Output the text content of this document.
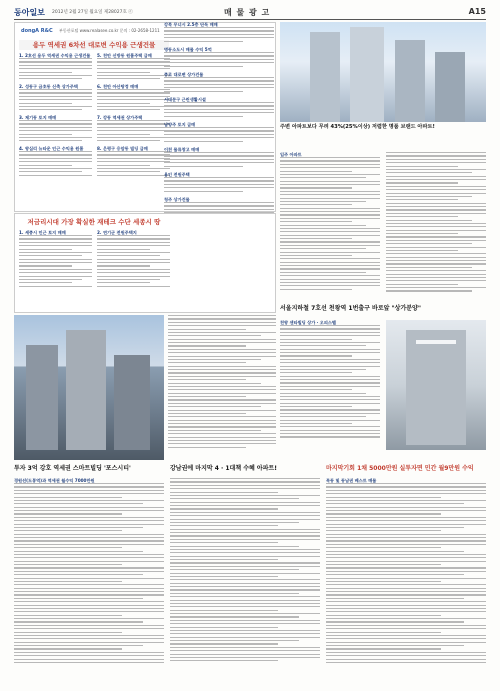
동아일보 2012년 2월 27일 월요일 제28027호 ⓔ	매 물 광 고	A15
dongA R&C 부동산포털 www.realasee.co.kr 문의 : 02-2658-1211
용두 역세권 6차선 대로변 수익용 근생건물
1. 2호선 용두 역세권 수익용 근생건물
2. 성동구 금호동 신축 상가주택
3. 제기동 토지 매매
4. 왕십리 뉴타운 인근 수익용 원룸
5. 천안 신방동 원룸주택 급매
6. 천안 아산탕정 매매
7. 강동 역세권 상가주택
8. 은평구 응암동 빌딩 급매
강북 무너시 2.5층 단독 매매
명동소도시 매물 수익 5억
종로 대로변 상가건물
서대문구 근린생활시설
남양주 토지 급매
이천 물류창고 매매
용인 전원주택
청주 상가건물
저금리시대 가장 확실한 재테크 수단 세종시 땅
1. 세종시 인근 토지 매매	2. 연기군 전원주택지
주변 아파트보다 무려 43%(25%이상) 저렴한 명품 브랜드 아파트!
입주 아파트
서울지하철 7호선 천왕역 1번출구 바로앞 "상가분양"
천왕 센타빌딩 상가 · 오피스텔
투자 3억 강호 역세권 스마트빌딩 '포스시티'	강남권에 마지막 4 · 1대책 수혜 아파트!	마지막기회 1채 5000만원 실투자면 민간 월9만원 수익
경원선(도봉역)과 역세권 월수익 7000만원	목동 및 동남권 베스트 매물
